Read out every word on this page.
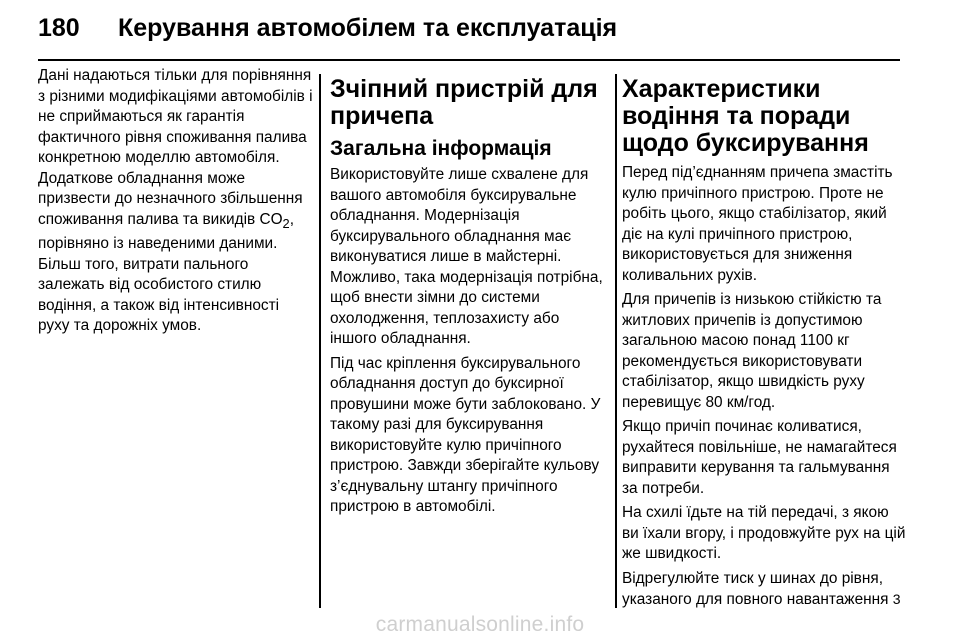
180 Керування автомобілем та експлуатація

Дані надаються тільки для порівняння з різними модифікаціями автомобілів і не сприймаються як гарантія фактичного рівня споживання палива конкретною моделлю автомобіля. Додаткове обладнання може призвести до незначного збільшення споживання палива та викидів $CO_2$, порівняно із наведеними даними. Більш того, витрати пального залежать від особистого стилю водіння, а також від інтенсивності руху та дорожніх умов.

Зчіпний пристрій для причепа
Загальна інформація

Використовуйте лише схвалене для вашого автомобіля буксирувальне обладнання. Модернізація буксирувального обладнання має виконуватися лише в майстерні. Можливо, така модернізація потрібна, щоб внести зімни до системи охолодження, теплозахисту або іншого обладнання.

Під час кріплення буксирувального обладнання доступ до буксирної провушини може бути заблоковано. У такому разі для буксирування використовуйте кулю причіпного пристрою. Завжди зберігайте кульову з’єднувальну штангу причіпного пристрою в автомобілі.

Характеристики водіння та поради щодо буксирування

Перед під’єднанням причепа змастіть кулю причіпного пристрою. Проте не робіть цього, якщо стабілізатор, який діє на кулі причіпного пристрою, використовується для зниження коливальних рухів.

Для причепів із низькою стійкістю та житлових причепів із допустимою загальною масою понад 1100 кг рекомендується використовувати стабілізатор, якщо швидкість руху перевищує 80 км/год.

Якщо причіп починає коливатися, рухайтеся повільніше, не намагайтеся виправити керування та гальмування за потреби.

На схилі їдьте на тій передачі, з якою ви їхали вгору, і продовжуйте рух на цій же швидкості.

Відрегулюйте тиск у шинах до рівня, указаного для повного навантаження 3

carmanualsonline.info
